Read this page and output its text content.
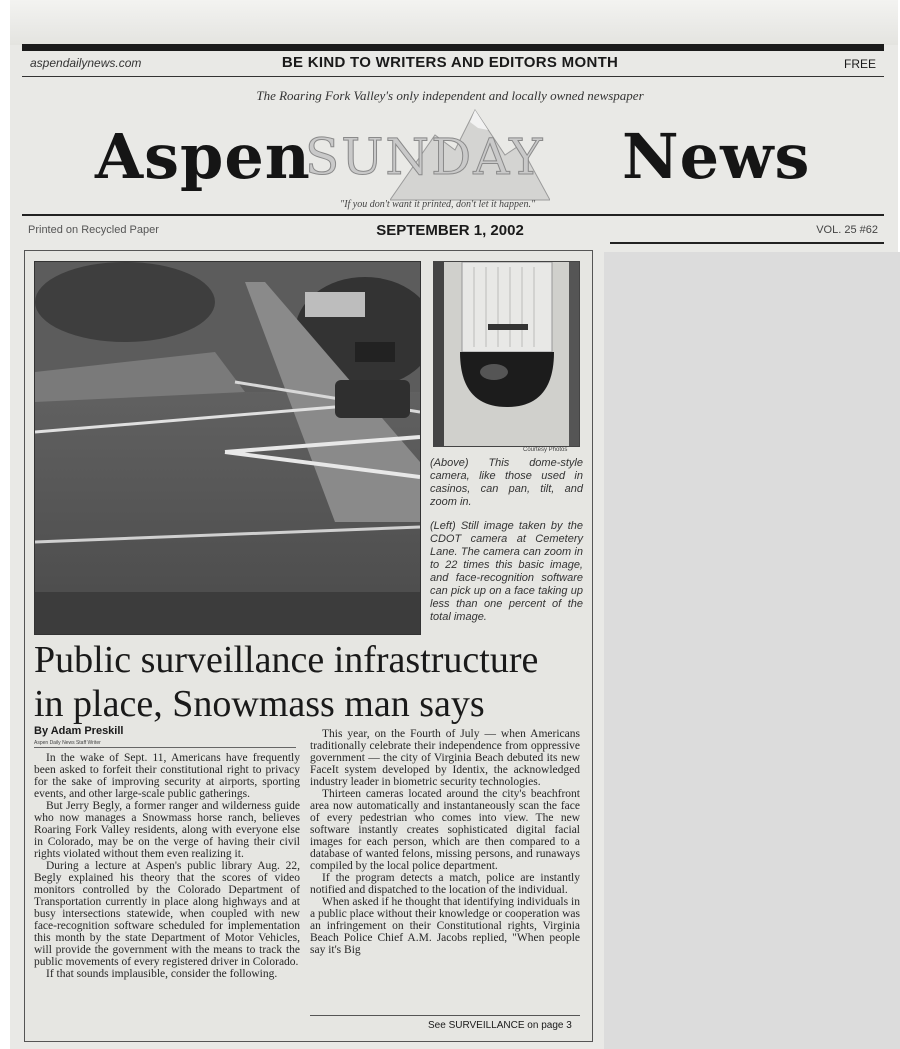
aspendailynews.com	BE KIND TO WRITERS AND EDITORS MONTH	FREE
The Roaring Fork Valley's only independent and locally owned newspaper
Aspen
SUNDAY News
"If you don't want it printed, don't let it happen."
Printed on Recycled Paper	SEPTEMBER 1, 2002	VOL. 25 #62
Courtesy Photos
(Above) This dome-style camera, like those used in casinos, can pan, tilt, and zoom in.
(Left) Still image taken by the CDOT camera at Cemetery Lane. The camera can zoom in to 22 times this basic image, and face-recognition software can pick up on a face taking up less than one percent of the total image.
Public surveillance infrastructure
in place, Snowmass man says
By Adam Preskill
Aspen Daily News Staff Writer

In the wake of Sept. 11, Americans have frequently been asked to forfeit their constitutional right to privacy for the sake of improving security at airports, sporting events, and other large-scale public gatherings.

But Jerry Begly, a former ranger and wilderness guide who now manages a Snowmass horse ranch, believes Roaring Fork Valley residents, along with everyone else in Colorado, may be on the verge of having their civil rights violated without them even realizing it.

During a lecture at Aspen's public library Aug. 22, Begly explained his theory that the scores of video monitors controlled by the Colorado Department of Transportation currently in place along highways and at busy intersections statewide, when coupled with new face-recognition software scheduled for implementation this month by the state Department of Motor Vehicles, will provide the government with the means to track the public movements of every registered driver in Colorado.

If that sounds implausible, consider the following.

This year, on the Fourth of July — when Americans traditionally celebrate their independence from oppressive government — the city of Virginia Beach debuted its new FaceIt system developed by Identix, the acknowledged industry leader in biometric security technologies.

Thirteen cameras located around the city's beachfront area now automatically and instantaneously scan the face of every pedestrian who comes into view. The new software instantly creates sophisticated digital facial images for each person, which are then compared to a database of wanted felons, missing persons, and runaways compiled by the local police department.

If the program detects a match, police are instantly notified and dispatched to the location of the individual.

When asked if he thought that identifying individuals in a public place without their knowledge or cooperation was an infringement on their Constitutional rights, Virginia Beach Police Chief A.M. Jacobs replied, "When people say it's Big

See SURVEILLANCE on page 3
